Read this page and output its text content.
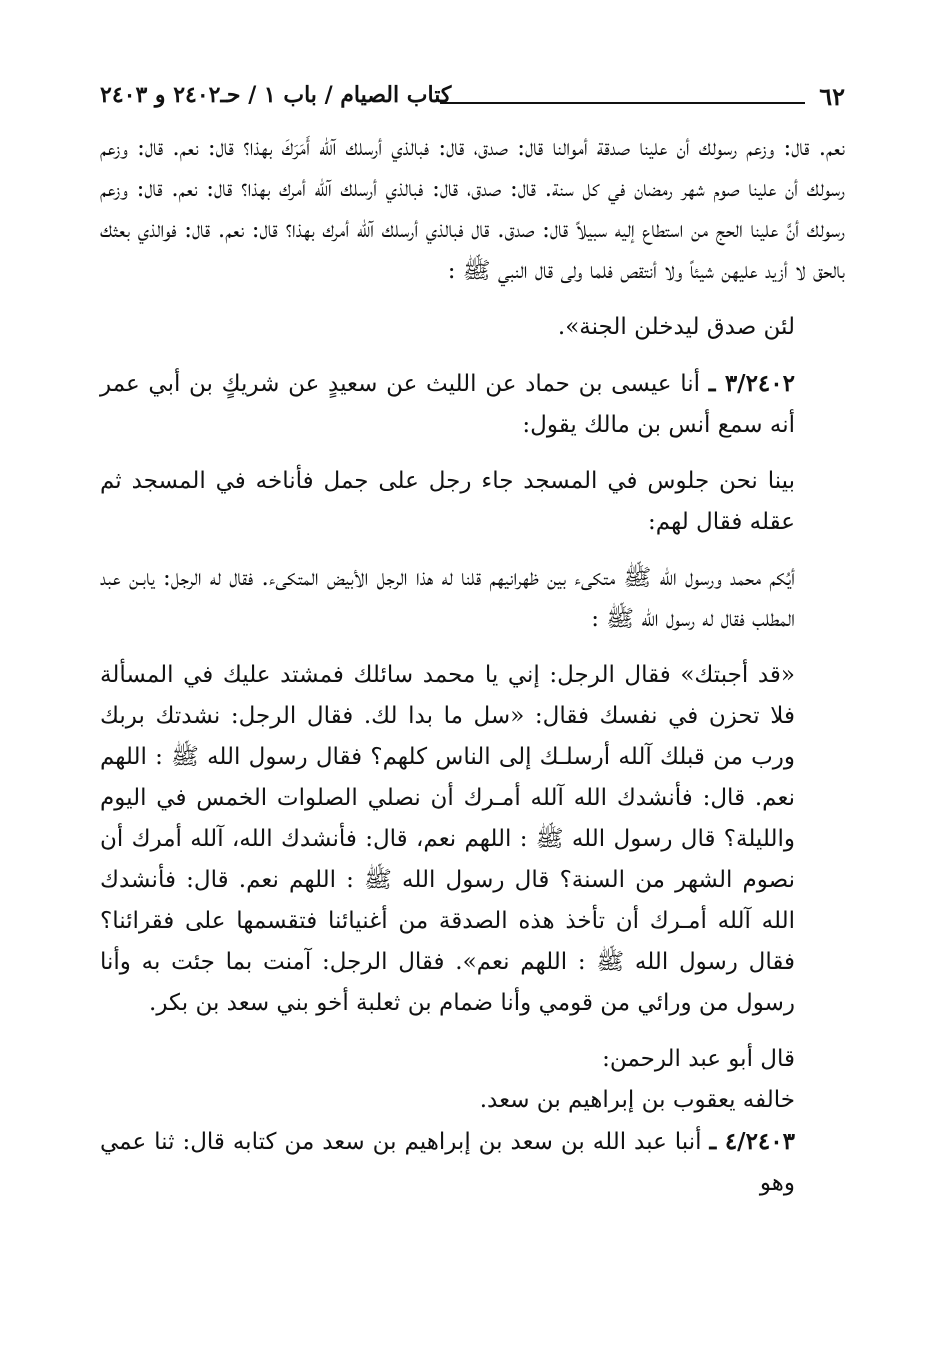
٦٢
كتاب الصيام / باب ١ / حـ٢٤٠٢ و ٢٤٠٣

نعم. قال: وزعم رسولك أن علينا صدقة أموالنا قال: صدق، قال: فبالذي أرسلك آلله أَمَرَكَ بهذا؟ قال: نعم. قال: وزعم رسولك أن علينا صوم شهر رمضان في كل سنة. قال: صدق، قال: فبالذي أرسلك آلله أمرك بهذا؟ قال: نعم. قال: وزعم رسولك أنَّ علينا الحج من استطاع إليه سبيلاً قال: صدق. قال فبالذي أرسلك آلله أمرك بهذا؟ قال: نعم. قال: فوالذي بعثك بالحق لا أزيد عليهن شيئاً ولا أنتقص فلما ولى قال النبي ﷺ :

لئن صدق ليدخلن الجنة».

٣/٢٤٠٢ ـ أنا عيسى بن حماد عن الليث عن سعيدٍ عن شريكٍ بن أبي عمر أنه سمع أنس بن مالك يقول:

بينا نحن جلوس في المسجد جاء رجل على جمل فأناخه في المسجد ثم عقله فقال لهم:

أيُكم محمد ورسول الله ﷺ متكىء بين ظهرانيهم قلنا له هذا الرجل الأبيض المتكىء. فقال له الرجل: يابـن عبد المطلب فقال له رسول الله ﷺ :

«قد أجبتك» فقال الرجل: إني يا محمد سائلك فمشتد عليك في المسألة فلا تحزن في نفسك فقال: «سل ما بدا لك. فقال الرجل: نشدتك بربك ورب من قبلك آلله أرسلـك إلى الناس كلهم؟ فقال رسول الله ﷺ : اللهم نعم. قال: فأنشدك الله آلله أمـرك أن نصلي الصلوات الخمس في اليوم والليلة؟ قال رسول الله ﷺ : اللهم نعم، قال: فأنشدك الله، آلله أمرك أن نصوم الشهر من السنة؟ قال رسول الله ﷺ : اللهم نعم. قال: فأنشدك الله آلله أمـرك أن تأخذ هذه الصدقة من أغنيائنا فتقسمها على فقرائنا؟ فقال رسول الله ﷺ : اللهم نعم». فقال الرجل: آمنت بما جئت به وأنا رسول من ورائي من قومي وأنا ضمام بن ثعلبة أخو بني سعد بن بكر.

قال أبو عبد الرحمن:

خالفه يعقوب بن إبراهيم بن سعد.

٤/٢٤٠٣ ـ أنبا عبد الله بن سعد بن إبراهيم بن سعد من كتابه قال: ثنا عمي وهو
